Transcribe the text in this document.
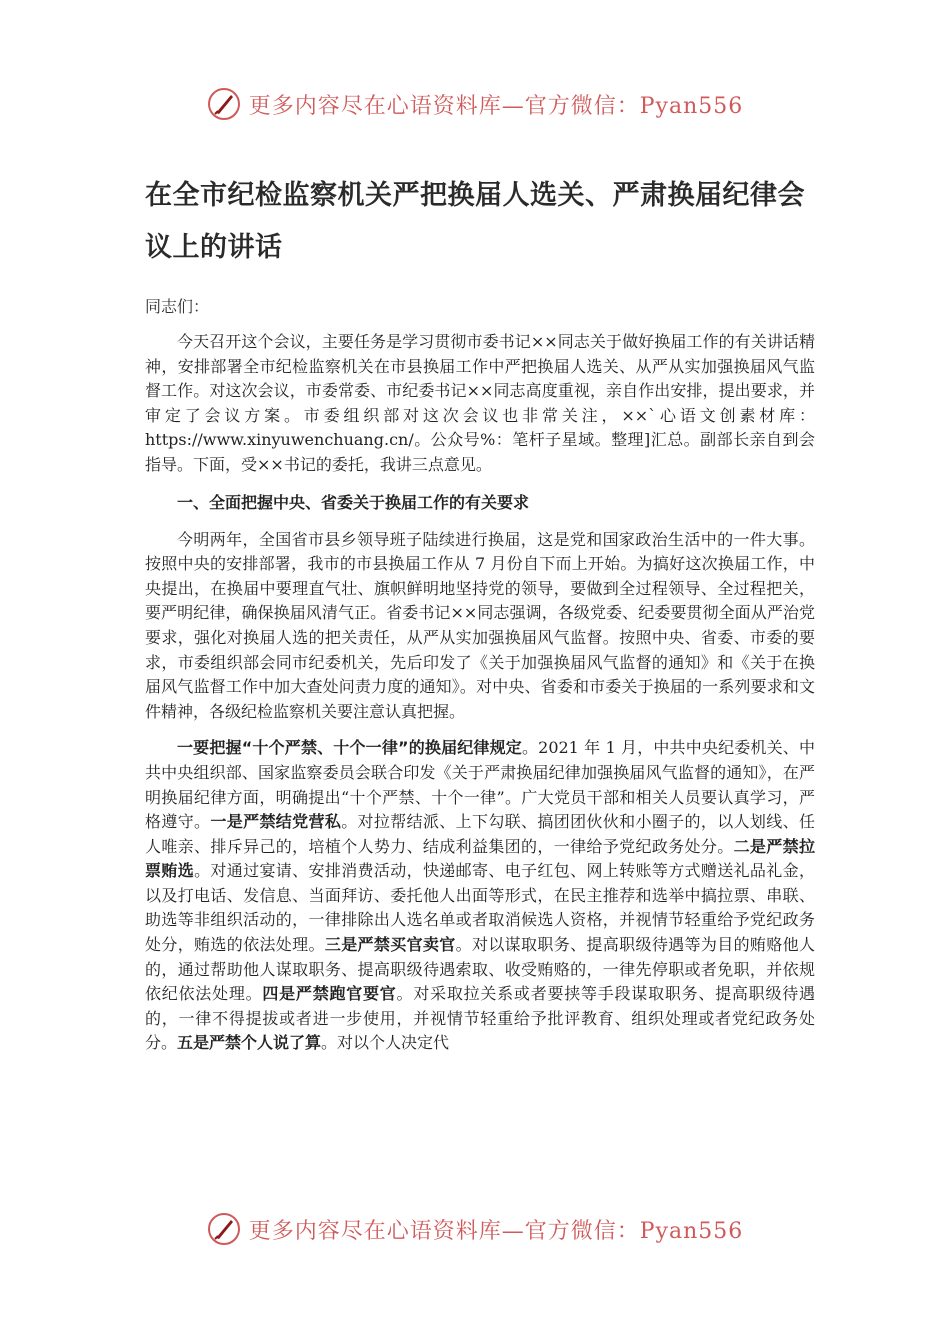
更多内容尽在心语资料库—官方微信：Pyan556
在全市纪检监察机关严把换届人选关、严肃换届纪律会议上的讲话

同志们：

今天召开这个会议，主要任务是学习贯彻市委书记××同志关于做好换届工作的有关讲话精神，安排部署全市纪检监察机关在市县换届工作中严把换届人选关、从严从实加强换届风气监督工作。对这次会议，市委常委、市纪委书记××同志高度重视，亲自作出安排，提出要求，并审定了会议方案。市委组织部对这次会议也非常关注，××`心语文创素材库：https://www.xinyuwenchuang.cn/。公众号%：笔杆子星域。整理]汇总。副部长亲自到会指导。下面，受××书记的委托，我讲三点意见。

一、全面把握中央、省委关于换届工作的有关要求

今明两年，全国省市县乡领导班子陆续进行换届，这是党和国家政治生活中的一件大事。按照中央的安排部署，我市的市县换届工作从 7 月份自下而上开始。为搞好这次换届工作，中央提出，在换届中要理直气壮、旗帜鲜明地坚持党的领导，要做到全过程领导、全过程把关，要严明纪律，确保换届风清气正。省委书记××同志强调，各级党委、纪委要贯彻全面从严治党要求，强化对换届人选的把关责任，从严从实加强换届风气监督。按照中央、省委、市委的要求，市委组织部会同市纪委机关，先后印发了《关于加强换届风气监督的通知》和《关于在换届风气监督工作中加大查处问责力度的通知》。对中央、省委和市委关于换届的一系列要求和文件精神，各级纪检监察机关要注意认真把握。

一要把握“十个严禁、十个一律”的换届纪律规定。2021 年 1 月，中共中央纪委机关、中共中央组织部、国家监察委员会联合印发《关于严肃换届纪律加强换届风气监督的通知》，在严明换届纪律方面，明确提出“十个严禁、十个一律”。广大党员干部和相关人员要认真学习，严格遵守。一是严禁结党营私。对拉帮结派、上下勾联、搞团团伙伙和小圈子的，以人划线、任人唯亲、排斥异己的，培植个人势力、结成利益集团的，一律给予党纪政务处分。二是严禁拉票贿选。对通过宴请、安排消费活动，快递邮寄、电子红包、网上转账等方式赠送礼品礼金，以及打电话、发信息、当面拜访、委托他人出面等形式，在民主推荐和选举中搞拉票、串联、助选等非组织活动的，一律排除出人选名单或者取消候选人资格，并视情节轻重给予党纪政务处分，贿选的依法处理。三是严禁买官卖官。对以谋取职务、提高职级待遇等为目的贿赂他人的，通过帮助他人谋取职务、提高职级待遇索取、收受贿赂的，一律先停职或者免职，并依规依纪依法处理。四是严禁跑官要官。对采取拉关系或者要挟等手段谋取职务、提高职级待遇的，一律不得提拔或者进一步使用，并视情节轻重给予批评教育、组织处理或者党纪政务处分。五是严禁个人说了算。对以个人决定代

更多内容尽在心语资料库—官方微信：Pyan556
